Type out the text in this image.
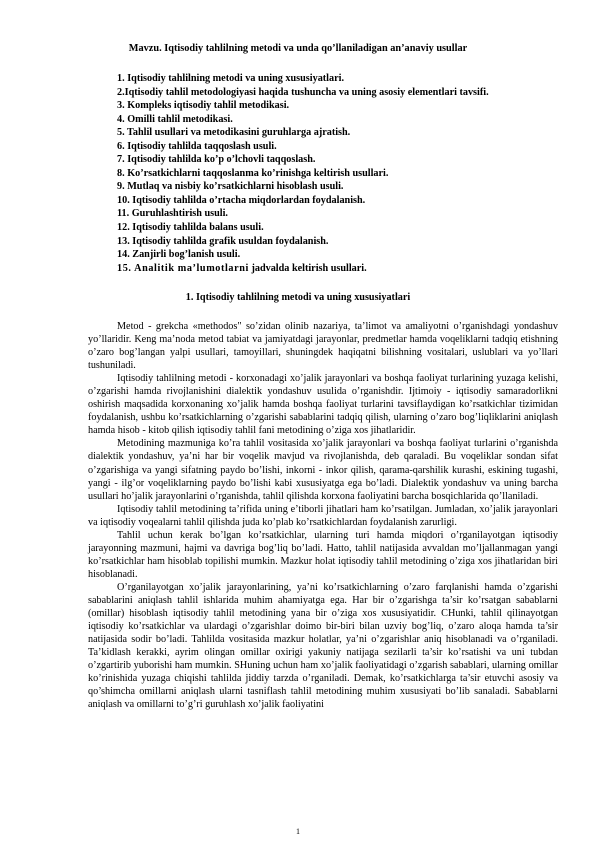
Mavzu. Iqtisodiy tahlilning metodi va unda qo’llaniladigan an’anaviy usullar
1. Iqtisodiy tahlilning metodi va uning xususiyatlari.
2.Iqtisodiy tahlil metodologiyasi haqida tushuncha va uning asosiy elementlari tavsifi.
3. Kompleks iqtisodiy tahlil metodikasi.
4. Omilli tahlil metodikasi.
5. Tahlil usullari va metodikasini guruhlarga ajratish.
6. Iqtisodiy tahlilda taqqoslash usuli.
7. Iqtisodiy tahlilda ko’p o’lchovli taqqoslash.
8. Ko’rsatkichlarni taqqoslanma ko’rinishga keltirish usullari.
9. Mutlaq va nisbiy ko’rsatkichlarni hisoblash usuli.
10. Iqtisodiy tahlilda o’rtacha miqdorlardan foydalanish.
11. Guruhlashtirish usuli.
12. Iqtisodiy tahlilda balans usuli.
13. Iqtisodiy tahlilda grafik usuldan foydalanish.
14. Zanjirli bog’lanish usuli.
15. Analitik ma’lumotlarni jadvalda keltirish usullari.
1. Iqtisodiy tahlilning metodi va uning xususiyatlari

Metod - grekcha «methodos" so’zidan olinib nazariya, ta’limot va amaliyotni o’rganishdagi yondashuv yo’llaridir. Keng ma’noda metod tabiat va jamiyatdagi jarayonlar, predmetlar hamda voqeliklarni tadqiq etishning o’zaro bog’langan yalpi usullari, tamoyillari, shuningdek haqiqatni bilishning vositalari, uslublari va yo’llari tushuniladi.

Iqtisodiy tahlilning metodi - korxonadagi xo’jalik jarayonlari va boshqa faoliyat turlarining yuzaga kelishi, o’zgarishi hamda rivojlanishini dialektik yondashuv usulida o’rganishdir. Ijtimoiy - iqtisodiy samaradorlikni oshirish maqsadida korxonaning xo’jalik hamda boshqa faoliyat turlarini tavsiflaydigan ko’rsatkichlar tizimidan foydalanish, ushbu ko’rsatkichlarning o’zgarishi sabablarini tadqiq qilish, ularning o’zaro bog’liqliklarini aniqlash hamda hisob - kitob qilish iqtisodiy tahlil fani metodining o’ziga xos jihatlaridir.

Metodining mazmuniga ko’ra tahlil vositasida xo’jalik jarayonlari va boshqa faoliyat turlarini o’rganishda dialektik yondashuv, ya’ni har bir voqelik mavjud va rivojlanishda, deb qaraladi. Bu voqeliklar sondan sifat o’zgarishiga va yangi sifatning paydo bo’lishi, inkorni - inkor qilish, qarama-qarshilik kurashi, eskining tugashi, yangi - ilg’or voqeliklarning paydo bo’lishi kabi xususiyatga ega bo’ladi. Dialektik yondashuv va uning barcha usullari ho’jalik jarayonlarini o’rganishda, tahlil qilishda korxona faoliyatini barcha bosqichlarida qo’llaniladi.

Iqtisodiy tahlil metodining ta’rifida uning e’tiborli jihatlari ham ko’rsatilgan. Jumladan, xo’jalik jarayonlari va iqtisodiy voqealarni tahlil qilishda juda ko’plab ko’rsatkichlardan foydalanish zarurligi.

Tahlil uchun kerak bo’lgan ko’rsatkichlar, ularning turi hamda miqdori o’rganilayotgan iqtisodiy jarayonning mazmuni, hajmi va davriga bog’liq bo’ladi. Hatto, tahlil natijasida avvaldan mo’ljallanmagan yangi ko’rsatkichlar ham hisoblab topilishi mumkin. Mazkur holat iqtisodiy tahlil metodining o’ziga xos jihatlaridan biri hisoblanadi.

O’rganilayotgan xo’jalik jarayonlarining, ya’ni ko’rsatkichlarning o’zaro farqlanishi hamda o’zgarishi sabablarini aniqlash tahlil ishlarida muhim ahamiyatga ega. Har bir o’zgarishga ta’sir ko’rsatgan sabablarni (omillar) hisoblash iqtisodiy tahlil metodining yana bir o’ziga xos xususiyatidir. CHunki, tahlil qilinayotgan iqtisodiy ko’rsatkichlar va ulardagi o’zgarishlar doimo bir-biri bilan uzviy bog’liq, o’zaro aloqa hamda ta’sir natijasida sodir bo’ladi. Tahlilda vositasida mazkur holatlar, ya’ni o’zgarishlar aniq hisoblanadi va o’rganiladi. Ta’kidlash kerakki, ayrim olingan omillar oxirigi yakuniy natijaga sezilarli ta’sir ko’rsatishi va uni tubdan o’zgartirib yuborishi ham mumkin. SHuning uchun ham xo’jalik faoliyatidagi o’zgarish sabablari, ularning omillar ko’rinishida yuzaga chiqishi tahlilda jiddiy tarzda o’rganiladi. Demak, ko’rsatkichlarga ta’sir etuvchi asosiy va qo’shimcha omillarni aniqlash ularni tasniflash tahlil metodining muhim xususiyati bo’lib sanaladi. Sabablarni aniqlash va omillarni to’g’ri guruhlash xo’jalik faoliyatini

1
